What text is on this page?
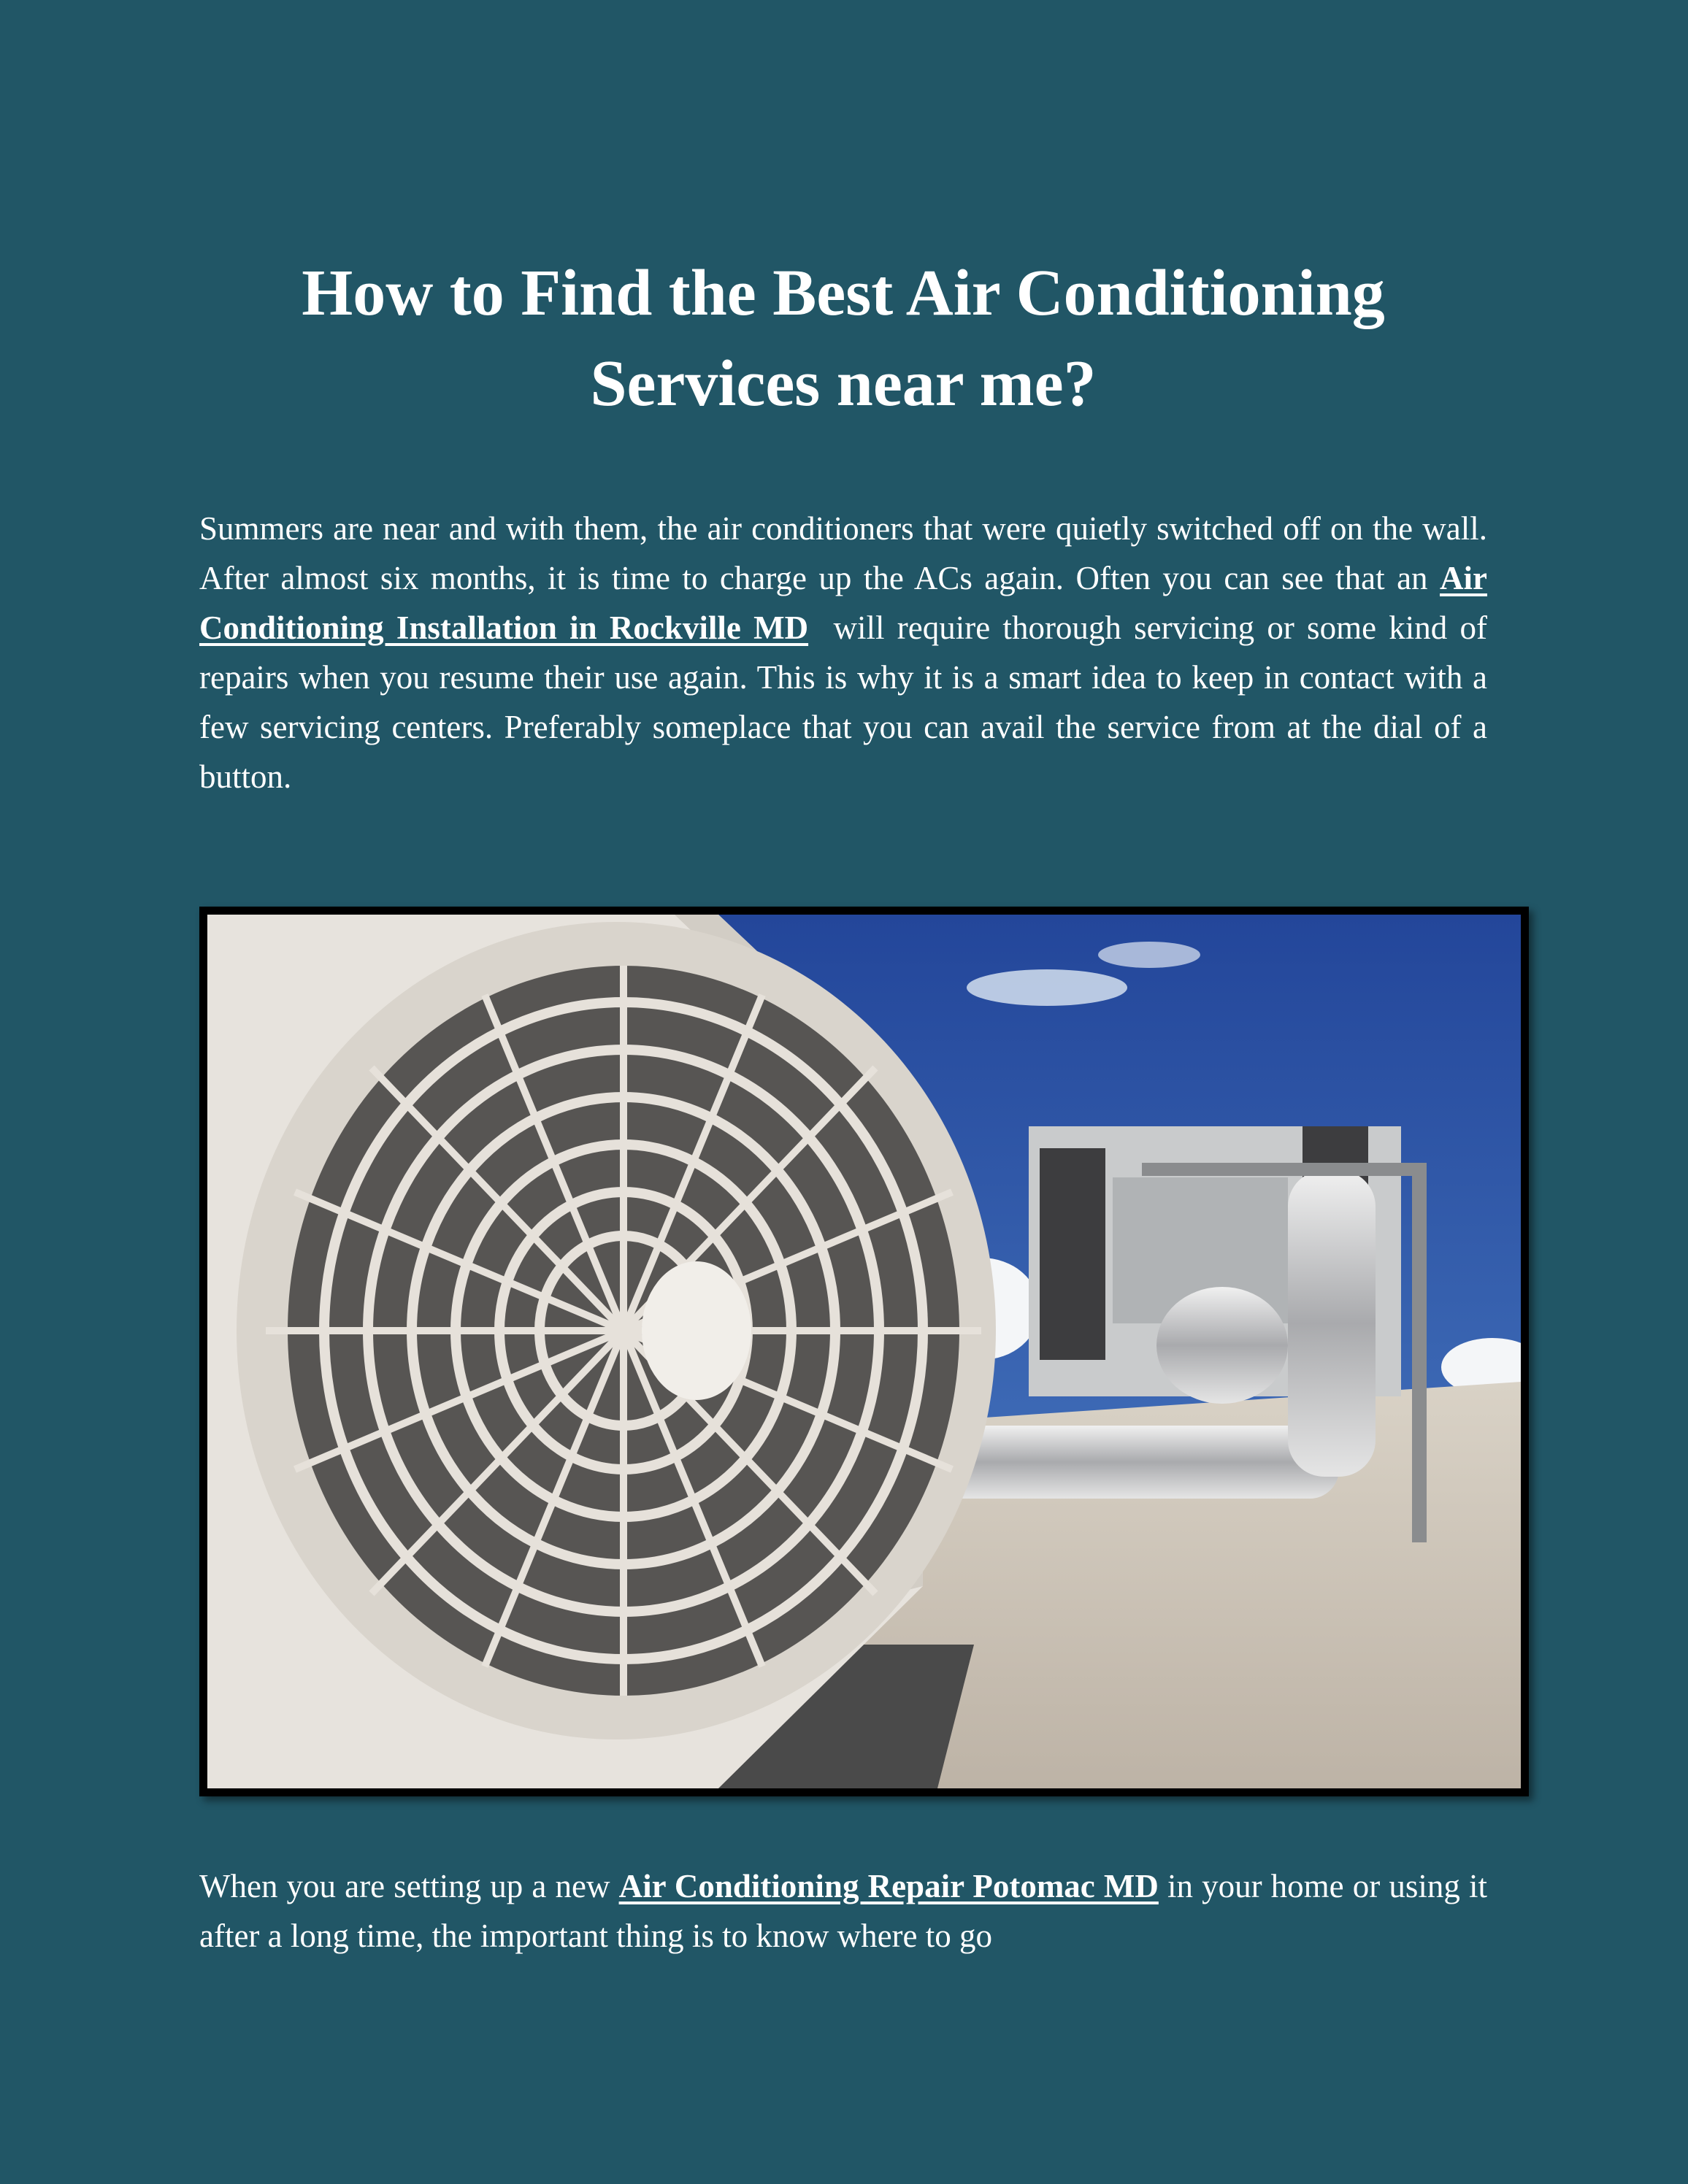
How to Find the Best Air Conditioning Services near me?

Summers are near and with them, the air conditioners that were quietly switched off on the wall. After almost six months, it is time to charge up the ACs again. Often you can see that an Air Conditioning Installation in Rockville MD  will require thorough servicing or some kind of repairs when you resume their use again. This is why it is a smart idea to keep in contact with a few servicing centers. Preferably someplace that you can avail the service from at the dial of a button.

When you are setting up a new Air Conditioning Repair Potomac MD in your home or using it after a long time, the important thing is to know where to go
